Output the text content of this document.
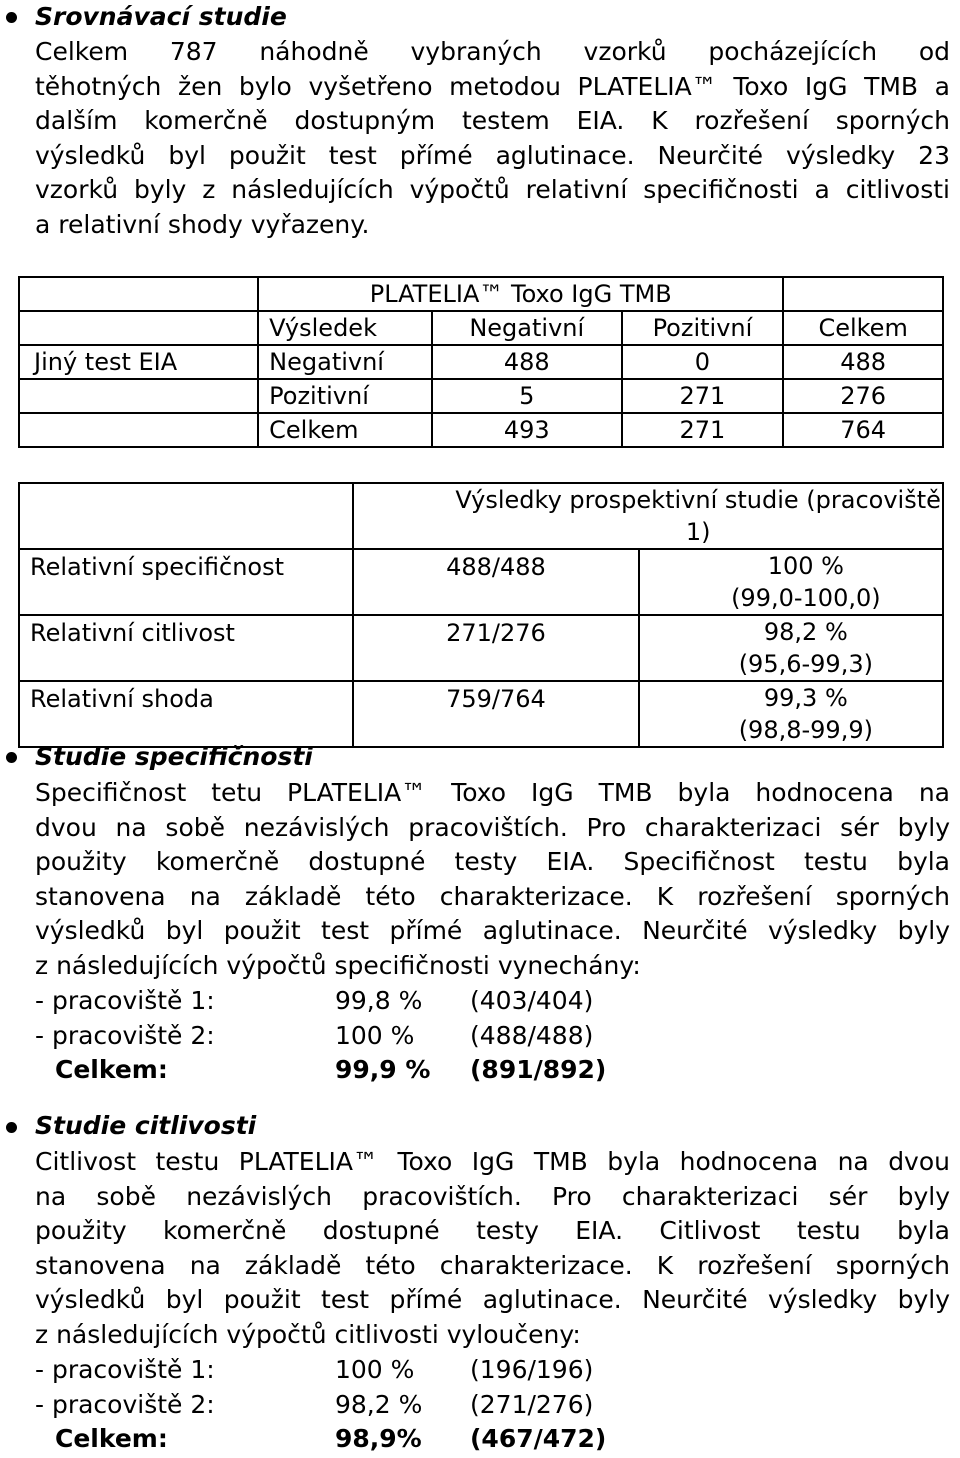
Srovnávací studie
Celkem 787 náhodně vybraných vzorků pocházejících od
těhotných žen bylo vyšetřeno metodou PLATELIA™ Toxo IgG TMB a
dalším komerčně dostupným testem EIA. K rozřešení sporných
výsledků byl použit test přímé aglutinace. Neurčité výsledky 23
vzorků byly z následujících výpočtů relativní specifičnosti a citlivosti
a relativní shody vyřazeny.
	PLATELIA™ Toxo IgG TMB			
	Výsledek	Negativní	Pozitivní	Celkem
Jiný test EIA	Negativní	488	0	488
	Pozitivní	5	271	276
	Celkem	493	271	764
	Výsledky prospektivní studie (pracoviště 1)	
Relativní specifičnost	488/488	100 %
(99,0-100,0)

Relativní citlivost	271/276	98,2 %
(95,6-99,3)

Relativní shoda	759/764	99,3 %
(98,8-99,9)
Studie specifičnosti
Specifičnost tetu PLATELIA™ Toxo IgG TMB byla hodnocena na
dvou na sobě nezávislých pracovištích. Pro charakterizaci sér byly
použity komerčně dostupné testy EIA. Specifičnost testu byla
stanovena na základě této charakterizace. K rozřešení sporných
výsledků byl použit test přímé aglutinace. Neurčité výsledky byly
z následujících výpočtů specifičnosti vynechány:
- pracoviště 1:	99,8 % (403/404)
- pracoviště 2:	100 % (488/488)
Celkem:	99,9 % (891/892)
Studie citlivosti
Citlivost testu PLATELIA™ Toxo IgG TMB byla hodnocena na dvou
na sobě nezávislých pracovištích. Pro charakterizaci sér byly
použity komerčně dostupné testy EIA. Citlivost testu byla
stanovena na základě této charakterizace. K rozřešení sporných
výsledků byl použit test přímé aglutinace. Neurčité výsledky byly
z následujících výpočtů citlivosti vyloučeny:
- pracoviště 1:	100 % (196/196)
- pracoviště 2:	98,2 % (271/276)
Celkem:	98,9% (467/472)
